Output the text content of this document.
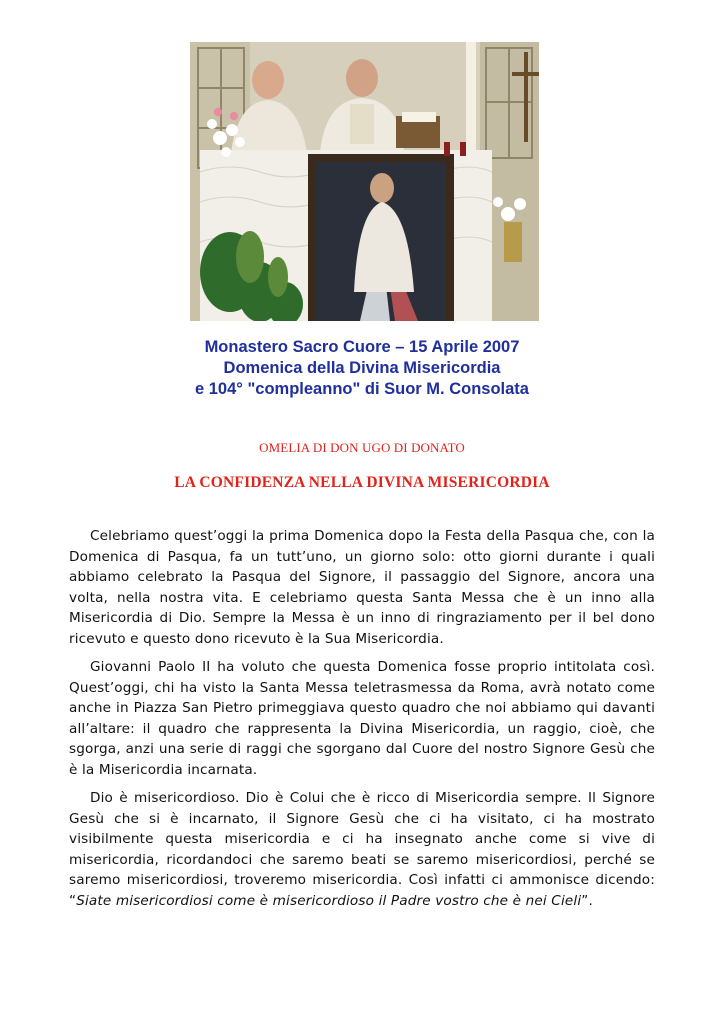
Monastero Sacro Cuore – 15 Aprile 2007
Domenica della Divina Misericordia
e 104° "compleanno" di Suor M. Consolata
OMELIA DI DON UGO DI DONATO
LA CONFIDENZA NELLA DIVINA MISERICORDIA

Celebriamo quest’oggi la prima Domenica dopo la Festa della Pasqua che, con la Domenica di Pasqua, fa un tutt’uno, un giorno solo: otto giorni durante i quali abbiamo celebrato la Pasqua del Signore, il passaggio del Signore, ancora una volta, nella nostra vita. E celebriamo questa Santa Messa che è un inno alla Misericordia di Dio. Sempre la Messa è un inno di ringraziamento per il bel dono ricevuto e questo dono ricevuto è la Sua Misericordia.

Giovanni Paolo II ha voluto che questa Domenica fosse proprio intitolata così. Quest’oggi, chi ha visto la Santa Messa teletrasmessa da Roma, avrà notato come anche in Piazza San Pietro primeggiava questo quadro che noi abbiamo qui davanti all’altare: il quadro che rappresenta la Divina Misericordia, un raggio, cioè, che sgorga, anzi una serie di raggi che sgorgano dal Cuore del nostro Signore Gesù che è la Misericordia incarnata.

Dio è misericordioso. Dio è Colui che è ricco di Misericordia sempre. Il Signore Gesù che si è incarnato, il Signore Gesù che ci ha visitato, ci ha mostrato visibilmente questa misericordia e ci ha insegnato anche come si vive di misericordia, ricordandoci che saremo beati se saremo misericordiosi, perché se saremo misericordiosi, troveremo misericordia. Così infatti ci ammonisce dicendo: “Siate misericordiosi come è misericordioso il Padre vostro che è nei Cieli”.
